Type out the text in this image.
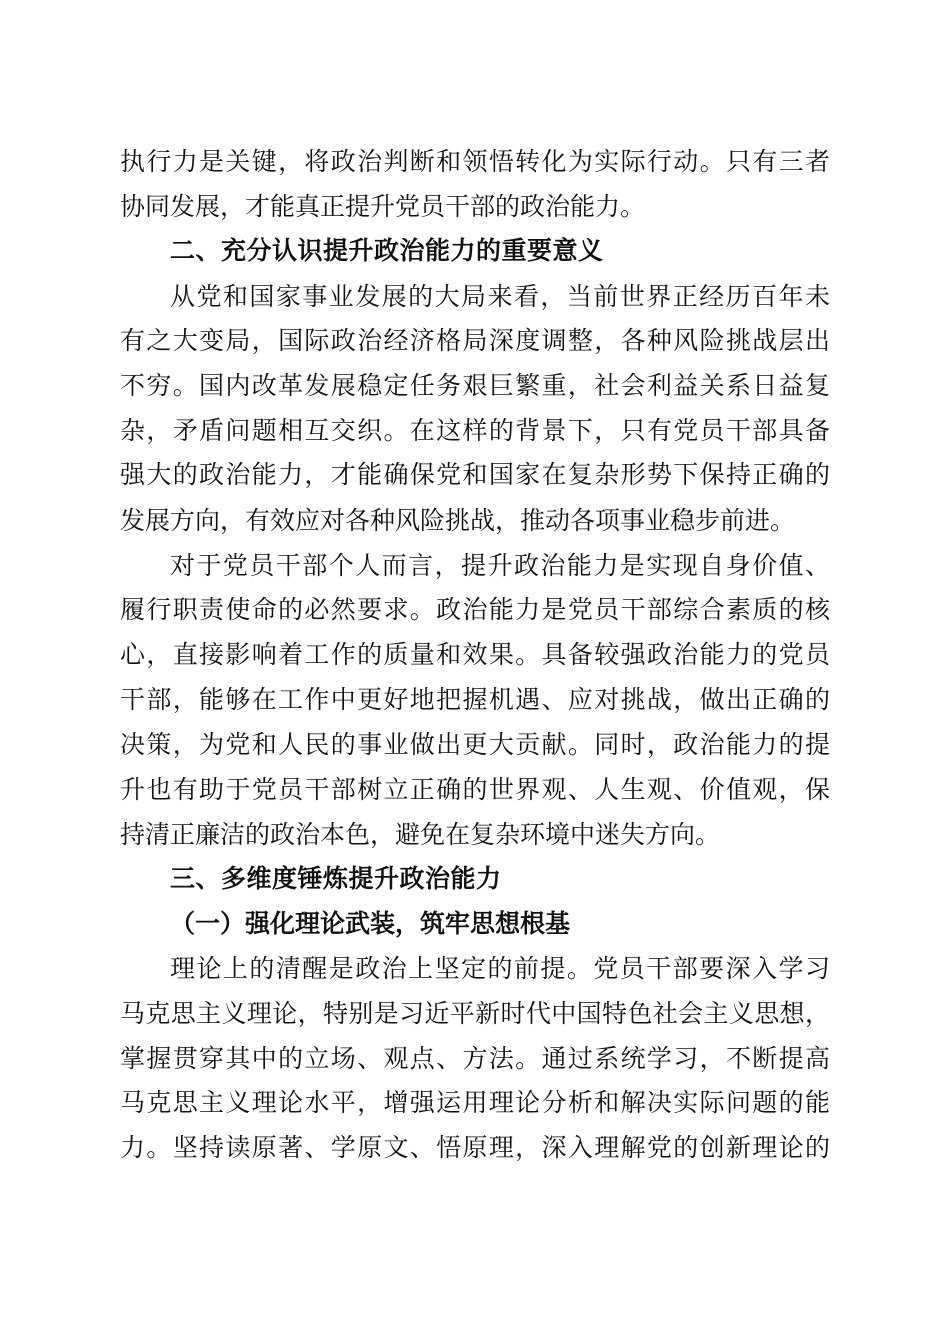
执行力是关键，将政治判断和领悟转化为实际行动。只有三者
协同发展，才能真正提升党员干部的政治能力。
二、充分认识提升政治能力的重要意义
从党和国家事业发展的大局来看，当前世界正经历百年未
有之大变局，国际政治经济格局深度调整，各种风险挑战层出
不穷。国内改革发展稳定任务艰巨繁重，社会利益关系日益复
杂，矛盾问题相互交织。在这样的背景下，只有党员干部具备
强大的政治能力，才能确保党和国家在复杂形势下保持正确的
发展方向，有效应对各种风险挑战，推动各项事业稳步前进。
对于党员干部个人而言，提升政治能力是实现自身价值、
履行职责使命的必然要求。政治能力是党员干部综合素质的核
心，直接影响着工作的质量和效果。具备较强政治能力的党员
干部，能够在工作中更好地把握机遇、应对挑战，做出正确的
决策，为党和人民的事业做出更大贡献。同时，政治能力的提
升也有助于党员干部树立正确的世界观、人生观、价值观，保
持清正廉洁的政治本色，避免在复杂环境中迷失方向。
三、多维度锤炼提升政治能力
（一）强化理论武装，筑牢思想根基
理论上的清醒是政治上坚定的前提。党员干部要深入学习
马克思主义理论，特别是习近平新时代中国特色社会主义思想，
掌握贯穿其中的立场、观点、方法。通过系统学习，不断提高
马克思主义理论水平，增强运用理论分析和解决实际问题的能
力。坚持读原著、学原文、悟原理，深入理解党的创新理论的
